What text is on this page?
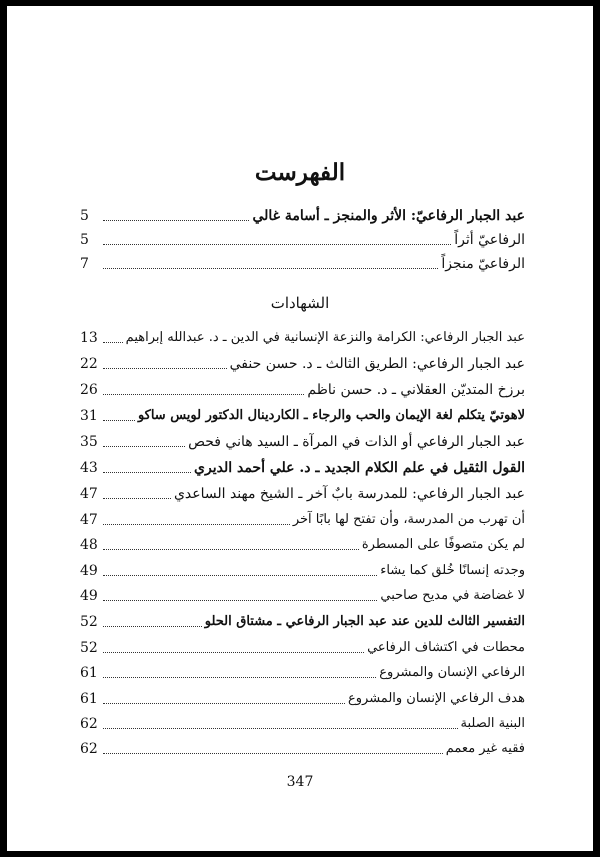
الفهرست
عبد الجبار الرفاعيّ: الأثر والمنجز ـ أسامة غالي
5
الرفاعيّ أثراً
5
الرفاعيّ منجزاً
7
الشهادات
عبد الجبار الرفاعي: الكرامة والنزعة الإنسانية في الدين ـ د. عبدالله إبراهيم
13
عبد الجبار الرفاعي: الطريق الثالث ـ د. حسن حنفي
22
برزخ المتديّن العقلاني ـ د. حسن ناظم
26
لاهوتيّ يتكلم لغة الإيمان والحب والرجاء ـ الكاردينال الدكتور لويس ساكو
31
عبد الجبار الرفاعي أو الذات في المرآة ـ السيد هاني فحص
35
القول الثقيل في علم الكلام الجديد ـ د. علي أحمد الديري
43
عبد الجبار الرفاعي: للمدرسة بابٌ آخر ـ الشيخ مهند الساعدي
47
أن تهرب من المدرسة، وأن تفتح لها بابًا آخر
47
لم يكن متصوفًا على المسطرة
48
وجدته إنسانًا خُلق كما يشاء
49
لا غضاضة في مديح صاحبي
49
التفسير الثالث للدين عند عبد الجبار الرفاعي ـ مشتاق الحلو
52
محطات في اكتشاف الرفاعي
52
الرفاعي الإنسان والمشروع
61
هدف الرفاعي الإنسان والمشروع
61
البنية الصلبة
62
فقيه غير معمم
62
347
